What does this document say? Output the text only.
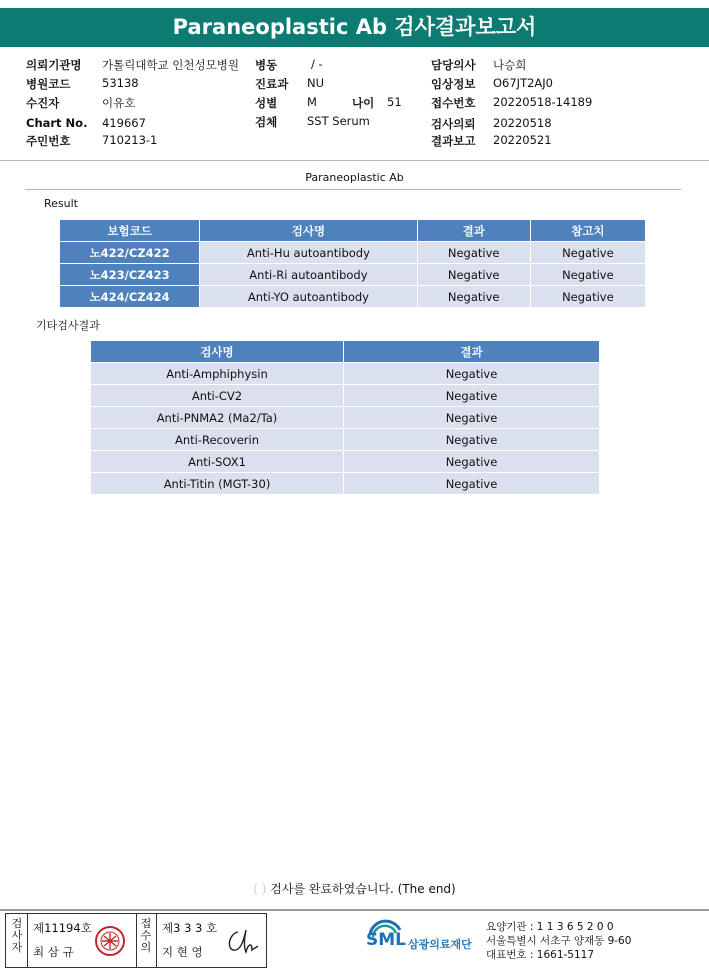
Paraneoplastic Ab 검사결과보고서
의뢰기관명 가톨릭대학교 인천성모병원
병원코드	53138
수진자	이유호
Chart No. 419667
주민번호	710213-1
병동	/ -
진료과 NU
성별	M	나이 51
검체	SST Serum
담당의사 나승희
임상정보 O67JT2AJ0
접수번호 20220518-14189
검사의뢰 20220518
결과보고 20220521
Paraneoplastic Ab
Result
보험코드	검사명	결과	참고치
노422/CZ422	Anti-Hu autoantibody	Negative	Negative
노423/CZ423	Anti-Ri autoantibody	Negative	Negative
노424/CZ424	Anti-YO autoantibody	Negative	Negative
기타검사결과
검사명	결과
Anti-Amphiphysin	Negative
Anti-CV2	Negative
Anti-PNMA2 (Ma2/Ta)	Negative
Anti-Recoverin	Negative
Anti-SOX1	Negative
Anti-Titin (MGT-30)	Negative
( ) 검사를 완료하였습니다. (The end)
검사자
제11194호
최 삼 규
접수의
제3 3 3 호
지 현 영
SML 삼광의료재단
요양기관 : 1 1 3 6 5 2 0 0
서울특별시 서초구 양재동 9-60
대표번호 : 1661-5117
